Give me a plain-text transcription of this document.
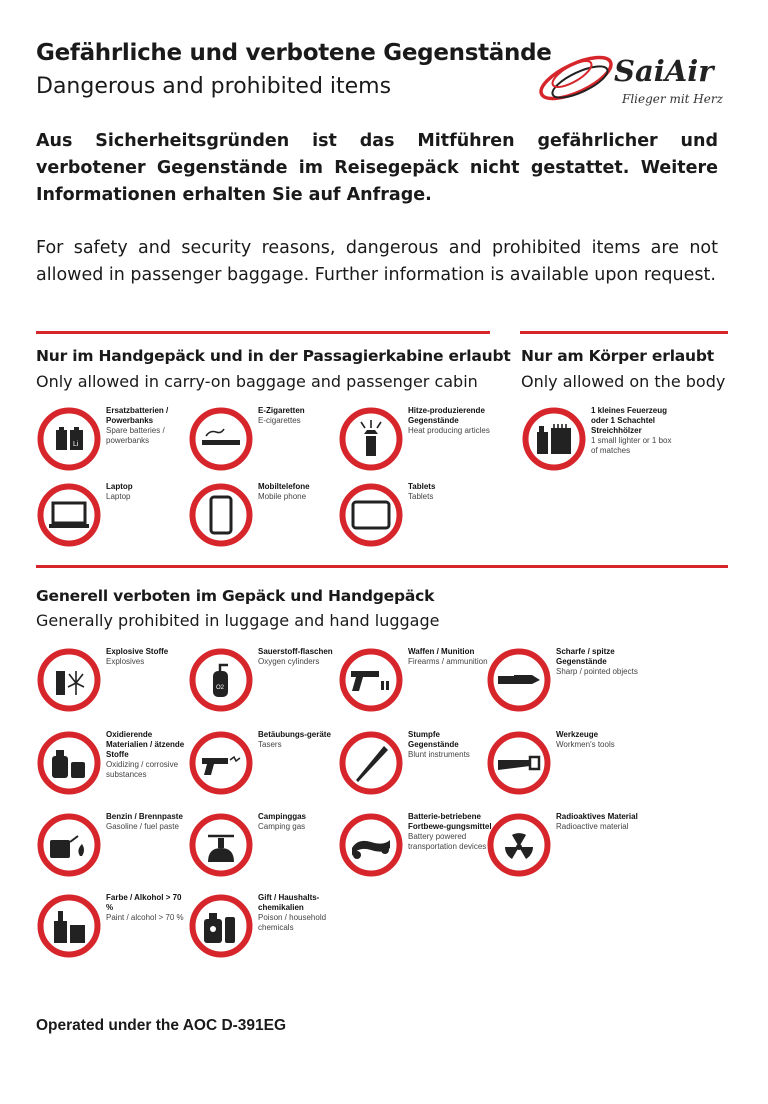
Gefährliche und verbotene Gegenstände
Dangerous and prohibited items	SaiAir
Flieger mit Herz
Aus Sicherheitsgründen ist das Mitführen gefährlicher und verbotener Gegenstände im Reisegepäck nicht gestattet. Weitere Informationen erhalten Sie auf Anfrage.
For safety and security reasons, dangerous and prohibited items are not allowed in passenger baggage. Further information is available upon request.
Nur im Handgepäck und in der Passagierkabine erlaubt
Only allowed in carry-on baggage and passenger cabin
Nur am Körper erlaubt
Only allowed on the body
Generell verboten im Gepäck und Handgepäck
Generally prohibited in luggage and hand luggage
Li
Ersatzbatterien / Powerbanks
Spare batteries / powerbanks
E-Zigaretten
E-cigarettes
Hitze-produzierende Gegenstände
Heat producing articles
Laptop
Laptop
Mobiltelefone
Mobile phone
Tablets
Tablets
1 kleines Feuerzeug oder 1 Schachtel Streichhölzer
1 small lighter or 1 box of matches
Explosive Stoffe
Explosives
O2
Sauerstoff-flaschen
Oxygen cylinders
Waffen / Munition
Firearms / ammunition
Scharfe / spitze Gegenstände
Sharp / pointed objects
Oxidierende Materialien / ätzende Stoffe
Oxidizing / corrosive substances
Betäubungs-geräte
Tasers
Stumpfe Gegenstände
Blunt instruments
Werkzeuge
Workmen's tools
Benzin / Brennpaste
Gasoline / fuel paste
Campinggas
Camping gas
Batterie-betriebene Fortbewe-gungsmittel
Battery powered transportation devices
Radioaktives Material
Radioactive material
Farbe / Alkohol > 70 %
Paint / alcohol > 70 %
Gift / Haushalts-chemikalien
Poison / household chemicals
Operated under the AOC D-391EG
